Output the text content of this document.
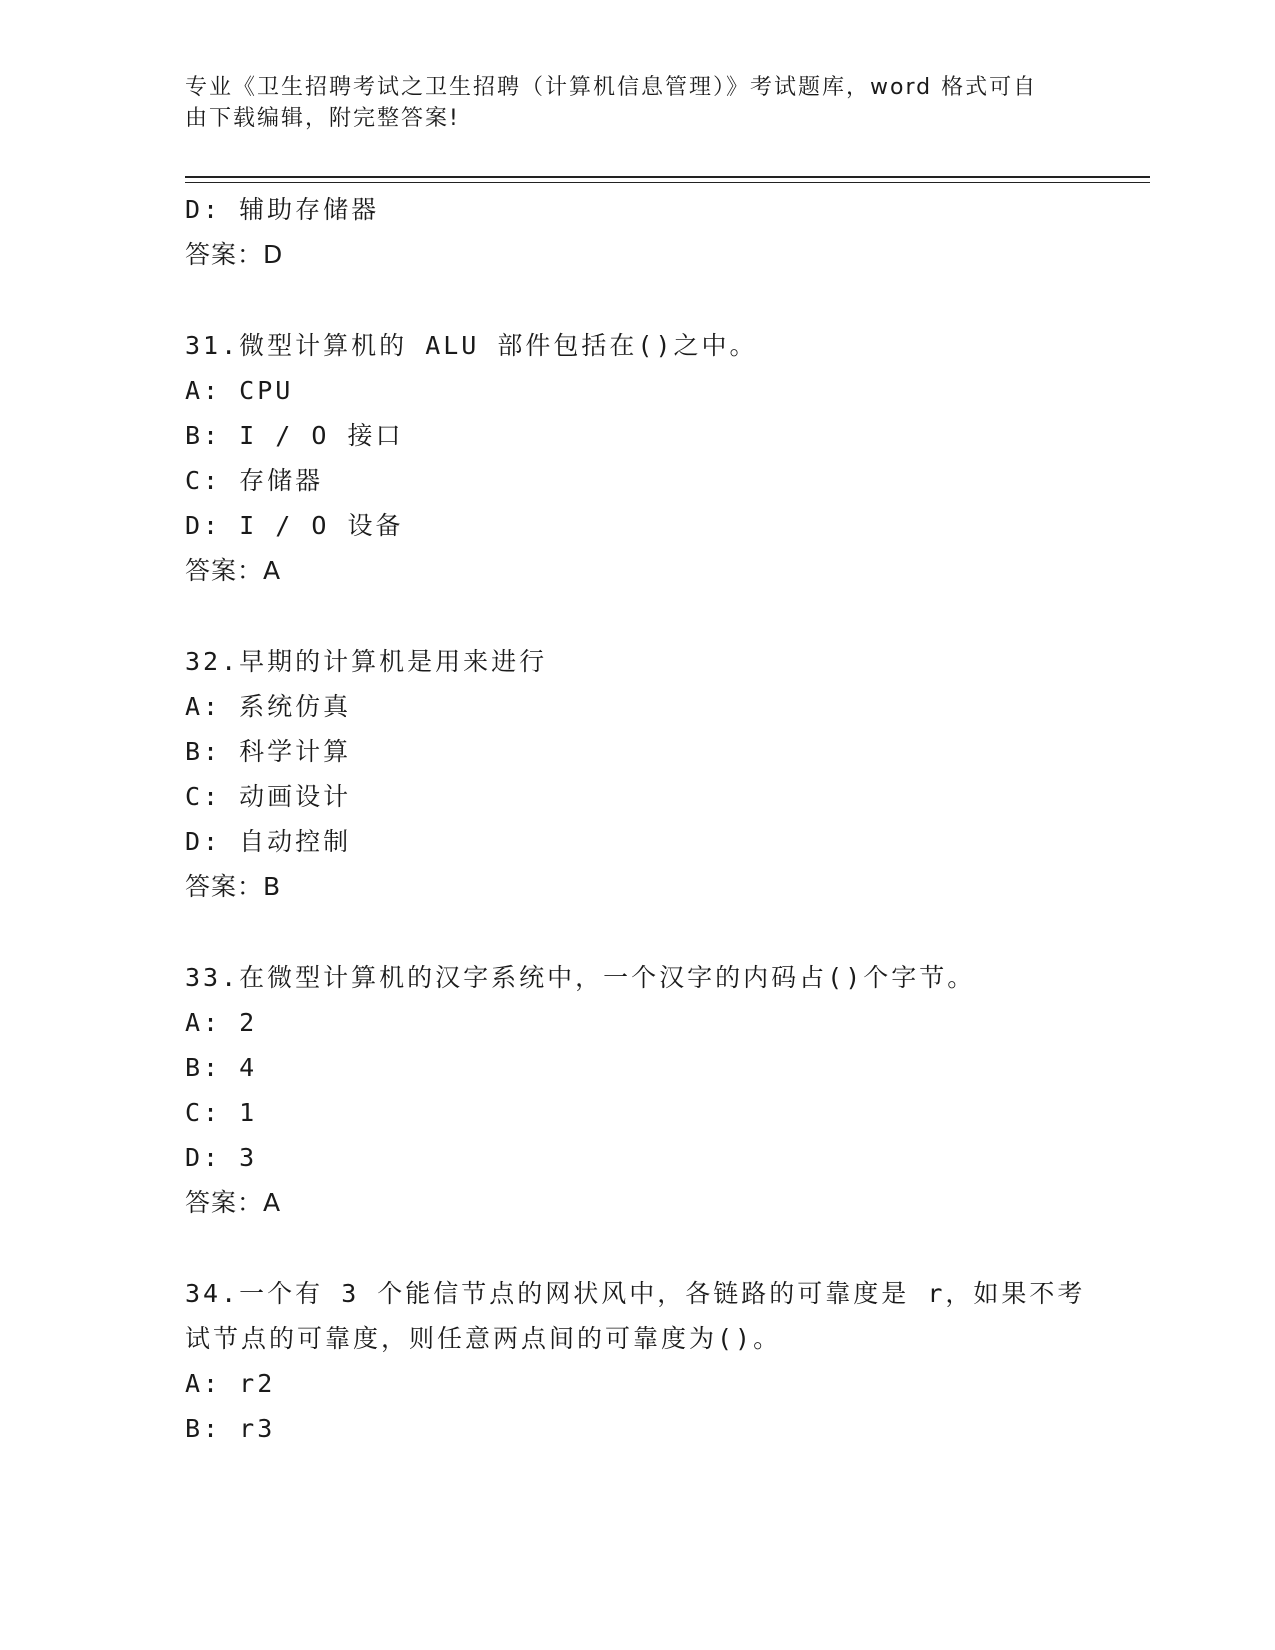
专业《卫生招聘考试之卫生招聘（计算机信息管理）》考试题库，word 格式可自
由下载编辑，附完整答案!
D: 辅助存储器
答案：D
31.微型计算机的 ALU 部件包括在()之中。
A: CPU
B: I / O 接口
C: 存储器
D: I / O 设备
答案：A
32.早期的计算机是用来进行
A: 系统仿真
B: 科学计算
C: 动画设计
D: 自动控制
答案：B
33.在微型计算机的汉字系统中，一个汉字的内码占()个字节。
A: 2
B: 4
C: 1
D: 3
答案：A
34.一个有 3 个能信节点的网状风中，各链路的可靠度是 r，如果不考
试节点的可靠度，则任意两点间的可靠度为()。
A: r2
B: r3
